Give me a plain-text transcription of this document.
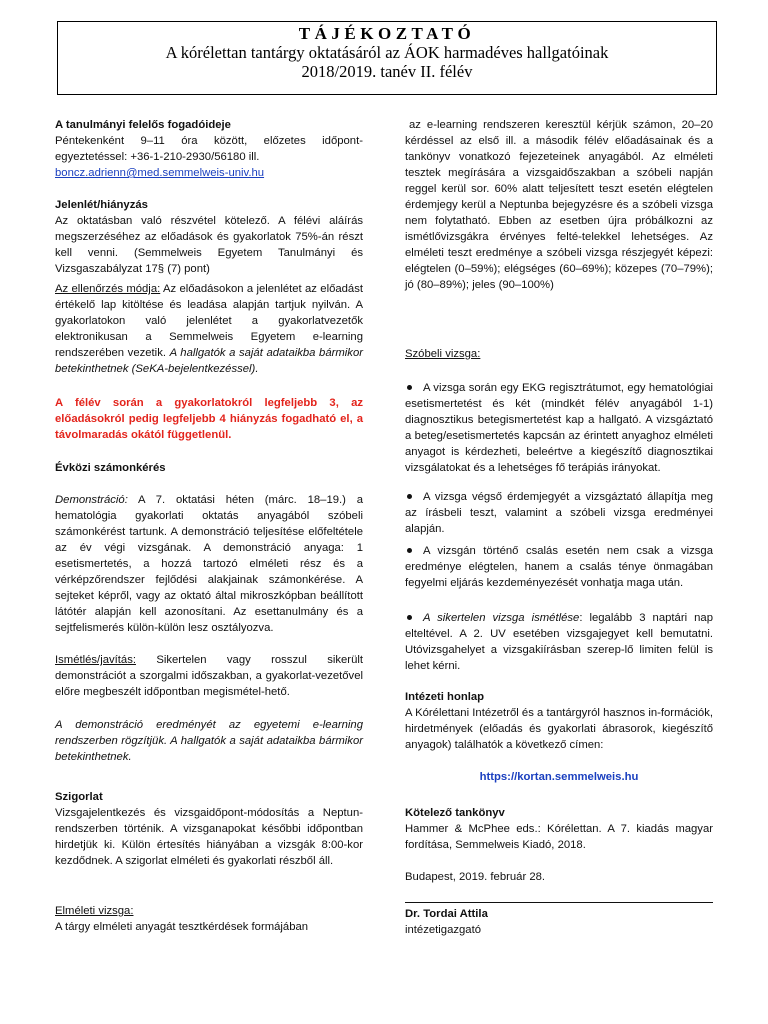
TÁJÉKOZTATÓ
A kórélettan tantárgy oktatásáról az ÁOK harmadéves hallgatóinak
2018/2019. tanév II. félév
A tanulmányi felelős fogadóideje
Péntekenként 9–11 óra között, előzetes időpont-egyeztetéssel: +36-1-210-2930/56180 ill.
boncz.adrienn@med.semmelweis-univ.hu
Jelenlét/hiányzás
Az oktatásban való részvétel kötelező. A félévi aláírás megszerzéséhez az előadások és gyakorlatok 75%-án részt kell venni. (Semmelweis Egyetem Tanulmányi és Vizsgaszabályzat 17§ (7) pont)
Az ellenőrzés módja: Az előadásokon a jelenlétet az előadást értékelő lap kitöltése és leadása alapján tartjuk nyilván. A gyakorlatokon való jelenlétet a gyakorlatvezetők elektronikusan a Semmelweis Egyetem e-learning rendszerében vezetik. A hallgatók a saját adataikba bármikor betekinthetnek (SeKA-bejelentkezéssel).
A félév során a gyakorlatokról legfeljebb 3, az előadásokról pedig legfeljebb 4 hiányzás fogadható el, a távolmaradás okától függetlenül.
Évközi számonkérés
Demonstráció: A 7. oktatási héten (márc. 18–19.) a hematológia gyakorlati oktatás anyagából szóbeli számonkérést tartunk. A demonstráció teljesítése előfeltétele az év végi vizsgának. A demonstráció anyaga: 1 esetismertetés, a hozzá tartozó elméleti rész és a vérképzőrendszer fejlődési alakjainak számonkérése. A sejteket képről, vagy az oktató által mikroszkópban beállított látótér alapján kell azonosítani. Az esettanulmány és a sejtfelismerés külön-külön lesz osztályozva.
Ismétlés/javítás: Sikertelen vagy rosszul sikerült demonstrációt a szorgalmi időszakban, a gyakorlat-vezetővel előre megbeszélt időpontban megismétel-hető.
A demonstráció eredményét az egyetemi e-learning rendszerben rögzítjük. A hallgatók a saját adataikba bármikor betekinthetnek.
Szigorlat
Vizsgajelentkezés és vizsgaidőpont-módosítás a Neptun-rendszerben történik. A vizsganapokat későbbi időpontban hirdetjük ki. Külön értesítés hiányában a vizsgák 8:00-kor kezdődnek. A szigorlat elméleti és gyakorlati részből áll.
Elméleti vizsga:
A tárgy elméleti anyagát tesztkérdések formájában
az e-learning rendszeren keresztül kérjük számon, 20–20 kérdéssel az első ill. a második félév előadásainak és a tankönyv vonatkozó fejezeteinek anyagából. Az elméleti tesztek megírására a vizsgaidőszakban a szóbeli napján reggel kerül sor. 60% alatt teljesített teszt esetén elégtelen érdemjegy kerül a Neptunba bejegyzésre és a szóbeli vizsga nem folytatható. Ebben az esetben újra próbálkozni az ismétlővizsgákra érvényes felté-telekkel lehetséges. Az elméleti teszt eredménye a szóbeli vizsga részjegyét képezi: elégtelen (0–59%); elégséges (60–69%); közepes (70–79%); jó (80–89%); jeles (90–100%)
Szóbeli vizsga:
A vizsga során egy EKG regisztrátumot, egy hematológiai esetismertetést és két (mindkét félév anyagából 1-1) diagnosztikus betegismertetést kap a hallgató. A vizsgáztató a beteg/esetismertetés kapcsán az érintett anyaghoz elméleti anyagot is kérdezheti, beleértve a kiegészítő diagnosztikai vizsgálatokat és a lehetséges fő terápiás irányokat.
A vizsga végső érdemjegyét a vizsgáztató állapítja meg az írásbeli teszt, valamint a szóbeli vizsga eredményei alapján.
A vizsgán történő csalás esetén nem csak a vizsga eredménye elégtelen, hanem a csalás ténye önmagában fegyelmi eljárás kezdeményezését vonhatja maga után.
A sikertelen vizsga ismétlése: legalább 3 naptári nap elteltével. A 2. UV esetében vizsgajegyet kell bemutatni. Utóvizsgahelyet a vizsgakiírásban szerep-lő limiten felül is lehet kérni.
Intézeti honlap
A Kórélettani Intézetről és a tantárgyról hasznos in-formációk, hirdetmények (előadás és gyakorlati ábrasorok, kiegészítő anyagok) találhatók a következő címen:
https://kortan.semmelweis.hu
Kötelező tankönyv
Hammer & McPhee eds.: Kórélettan. A 7. kiadás magyar fordítása, Semmelweis Kiadó, 2018.
Budapest, 2019. február 28.
Dr. Tordai Attila
intézetigazgató
